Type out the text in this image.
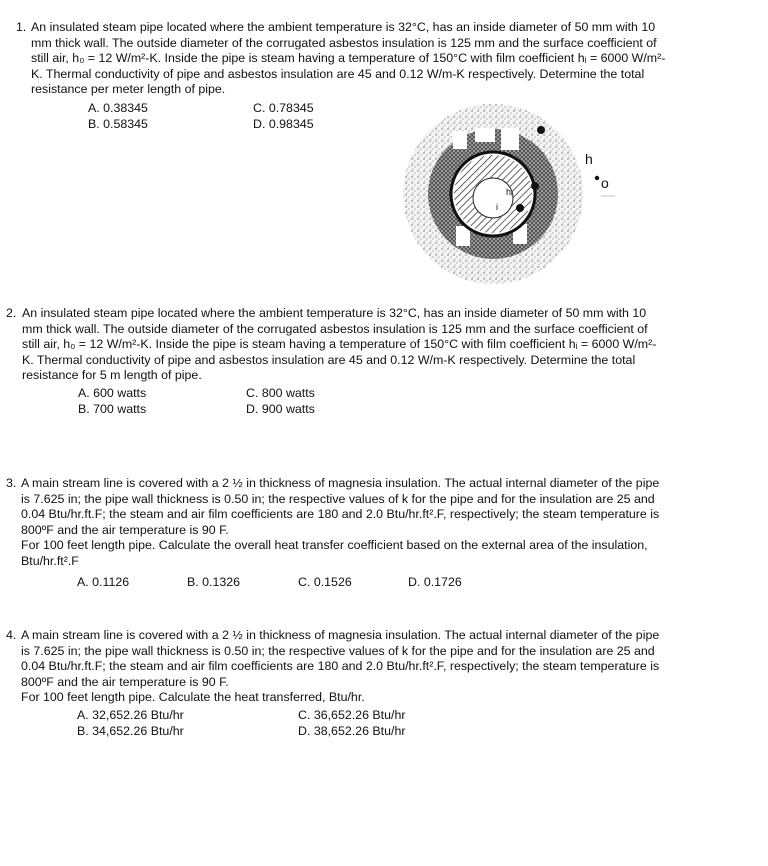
1. An insulated steam pipe located where the ambient temperature is 32°C, has an inside diameter of 50 mm with 10
mm thick wall. The outside diameter of the corrugated asbestos insulation is 125 mm and the surface coefficient of
still air, h₀ = 12 W/m²-K. Inside the pipe is steam having a temperature of 150°C with film coefficient hᵢ = 6000 W/m²-
K. Thermal conductivity of pipe and asbestos insulation are 45 and 0.12 W/m-K respectively. Determine the total
resistance per meter length of pipe.
A. 0.38345
B. 0.58345
C. 0.78345
D. 0.98345
hᵢ
i
h
o
2. An insulated steam pipe located where the ambient temperature is 32°C, has an inside diameter of 50 mm with 10
mm thick wall. The outside diameter of the corrugated asbestos insulation is 125 mm and the surface coefficient of
still air, h₀ = 12 W/m²-K. Inside the pipe is steam having a temperature of 150°C with film coefficient hᵢ = 6000 W/m²-
K. Thermal conductivity of pipe and asbestos insulation are 45 and 0.12 W/m-K respectively. Determine the total
resistance for 5 m length of pipe.
A. 600 watts
B. 700 watts
C. 800 watts
D. 900 watts
3. A main stream line is covered with a 2 ½ in thickness of magnesia insulation. The actual internal diameter of the pipe
is 7.625 in; the pipe wall thickness is 0.50 in; the respective values of k for the pipe and for the insulation are 25 and
0.04 Btu/hr.ft.F; the steam and air film coefficients are 180 and 2.0 Btu/hr.ft².F, respectively; the steam temperature is
800ºF and the air temperature is 90 F.
For 100 feet length pipe. Calculate the overall heat transfer coefficient based on the external area of the insulation,
Btu/hr.ft².F
A. 0.1126	B. 0.1326	C. 0.1526	D. 0.1726
4. A main stream line is covered with a 2 ½ in thickness of magnesia insulation. The actual internal diameter of the pipe
is 7.625 in; the pipe wall thickness is 0.50 in; the respective values of k for the pipe and for the insulation are 25 and
0.04 Btu/hr.ft.F; the steam and air film coefficients are 180 and 2.0 Btu/hr.ft².F, respectively; the steam temperature is
800ºF and the air temperature is 90 F.
For 100 feet length pipe. Calculate the heat transferred, Btu/hr.
A. 32,652.26 Btu/hr
B. 34,652.26 Btu/hr
C. 36,652.26 Btu/hr
D. 38,652.26 Btu/hr
